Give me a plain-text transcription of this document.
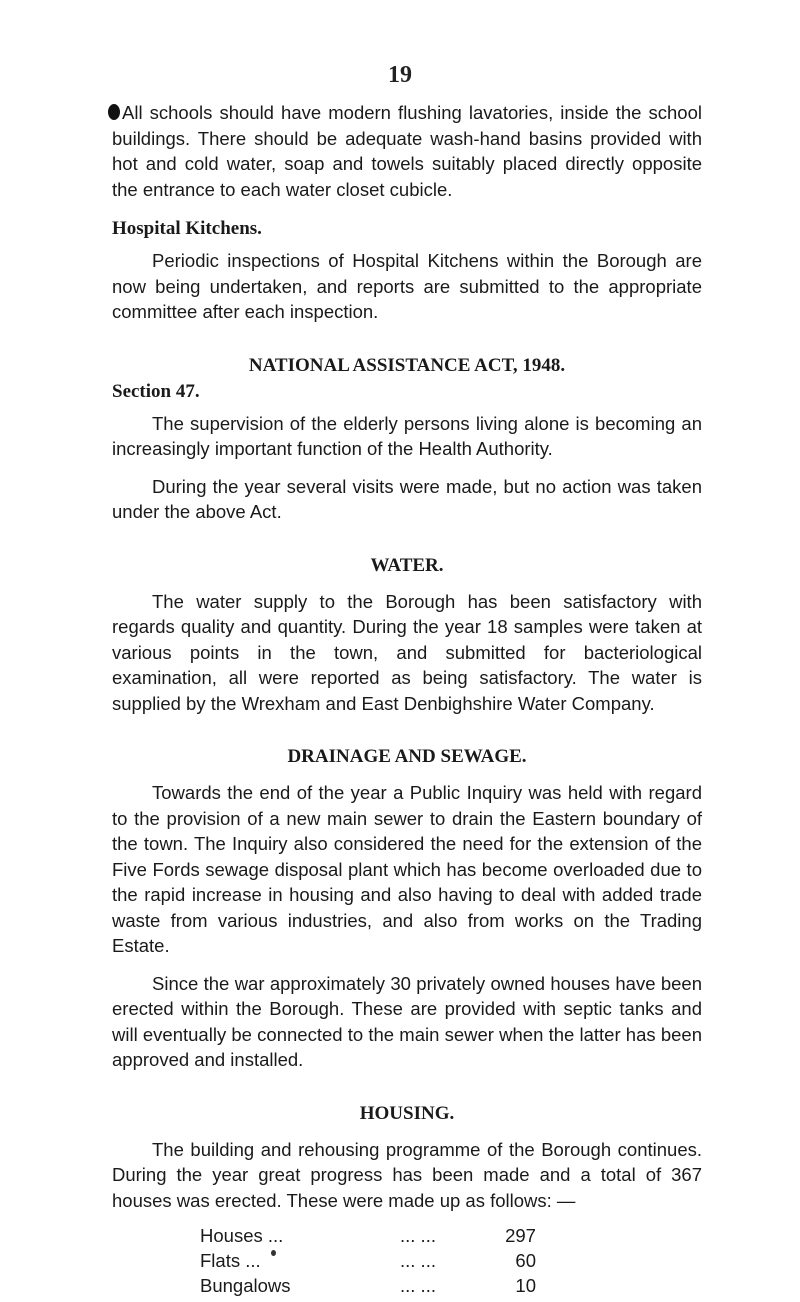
19

All schools should have modern flushing lavatories, inside the school buildings. There should be adequate wash-hand basins provided with hot and cold water, soap and towels suitably placed directly opposite the entrance to each water closet cubicle.

Hospital Kitchens.

Periodic inspections of Hospital Kitchens within the Borough are now being undertaken, and reports are submitted to the appropriate committee after each inspection.

NATIONAL ASSISTANCE ACT, 1948.
Section 47.

The supervision of the elderly persons living alone is becoming an increasingly important function of the Health Authority.

During the year several visits were made, but no action was taken under the above Act.

WATER.

The water supply to the Borough has been satisfactory with regards quality and quantity. During the year 18 samples were taken at various points in the town, and submitted for bacteriological examination, all were reported as being satisfactory. The water is supplied by the Wrexham and East Denbighshire Water Company.

DRAINAGE AND SEWAGE.

Towards the end of the year a Public Inquiry was held with regard to the provision of a new main sewer to drain the Eastern boundary of the town. The Inquiry also considered the need for the extension of the Five Fords sewage disposal plant which has become overloaded due to the rapid increase in housing and also having to deal with added trade waste from various industries, and also from works on the Trading Estate.

Since the war approximately 30 privately owned houses have been erected within the Borough. These are provided with septic tanks and will eventually be connected to the main sewer when the latter has been approved and installed.

HOUSING.

The building and rehousing programme of the Borough continues. During the year great progress has been made and a total of 367 houses was erected. These were made up as follows: —

Houses ...	... ...	297
Flats ...	... ...	60
Bungalows	... ...	10
